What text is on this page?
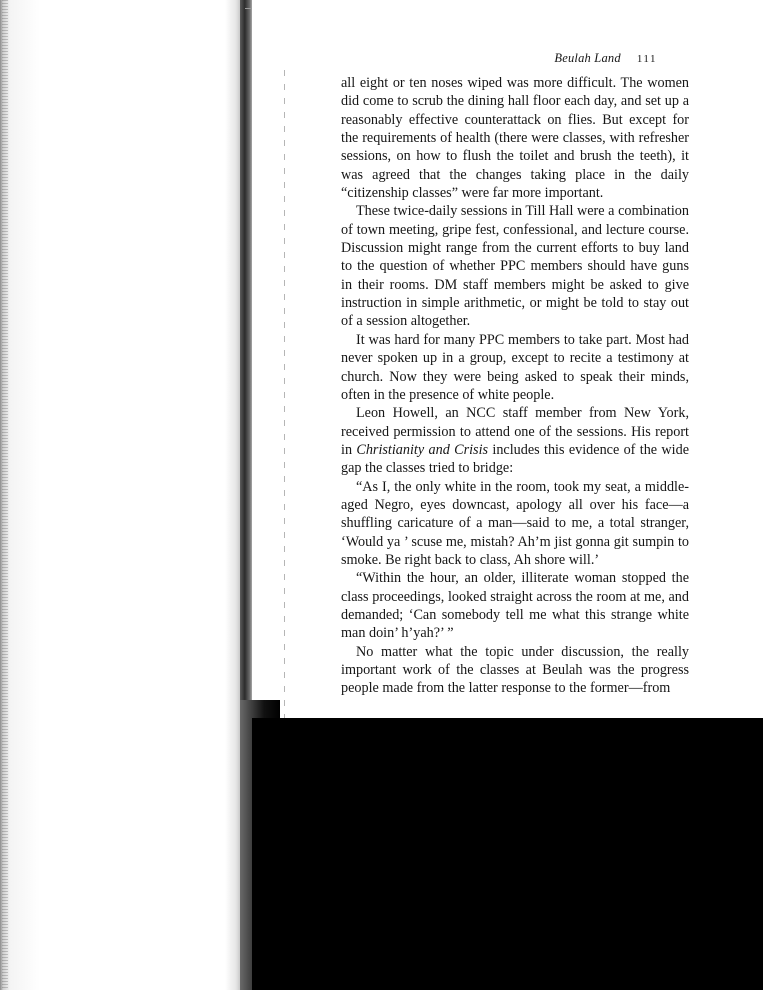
Beulah Land 111

all eight or ten noses wiped was more difficult. The women did come to scrub the dining hall floor each day, and set up a reasonably effective counterattack on flies. But except for the requirements of health (there were classes, with refresher sessions, on how to flush the toilet and brush the teeth), it was agreed that the changes taking place in the daily “citizenship classes” were far more important.

These twice-daily sessions in Till Hall were a combination of town meeting, gripe fest, confessional, and lecture course. Discussion might range from the current efforts to buy land to the question of whether PPC members should have guns in their rooms. DM staff members might be asked to give instruction in simple arithmetic, or might be told to stay out of a session altogether.

It was hard for many PPC members to take part. Most had never spoken up in a group, except to recite a testimony at church. Now they were being asked to speak their minds, often in the presence of white people.

Leon Howell, an NCC staff member from New York, received permission to attend one of the sessions. His report in Christianity and Crisis includes this evidence of the wide gap the classes tried to bridge:

“As I, the only white in the room, took my seat, a middle-aged Negro, eyes downcast, apology all over his face—a shuffling caricature of a man—said to me, a total stranger, ‘Would ya ’ scuse me, mistah? Ah’m jist gonna git sumpin to smoke. Be right back to class, Ah shore will.’

“Within the hour, an older, illiterate woman stopped the class proceedings, looked straight across the room at me, and demanded; ‘Can somebody tell me what this strange white man doin’ h’yah?’ ”

No matter what the topic under discussion, the really important work of the classes at Beulah was the progress people made from the latter response to the former—from
